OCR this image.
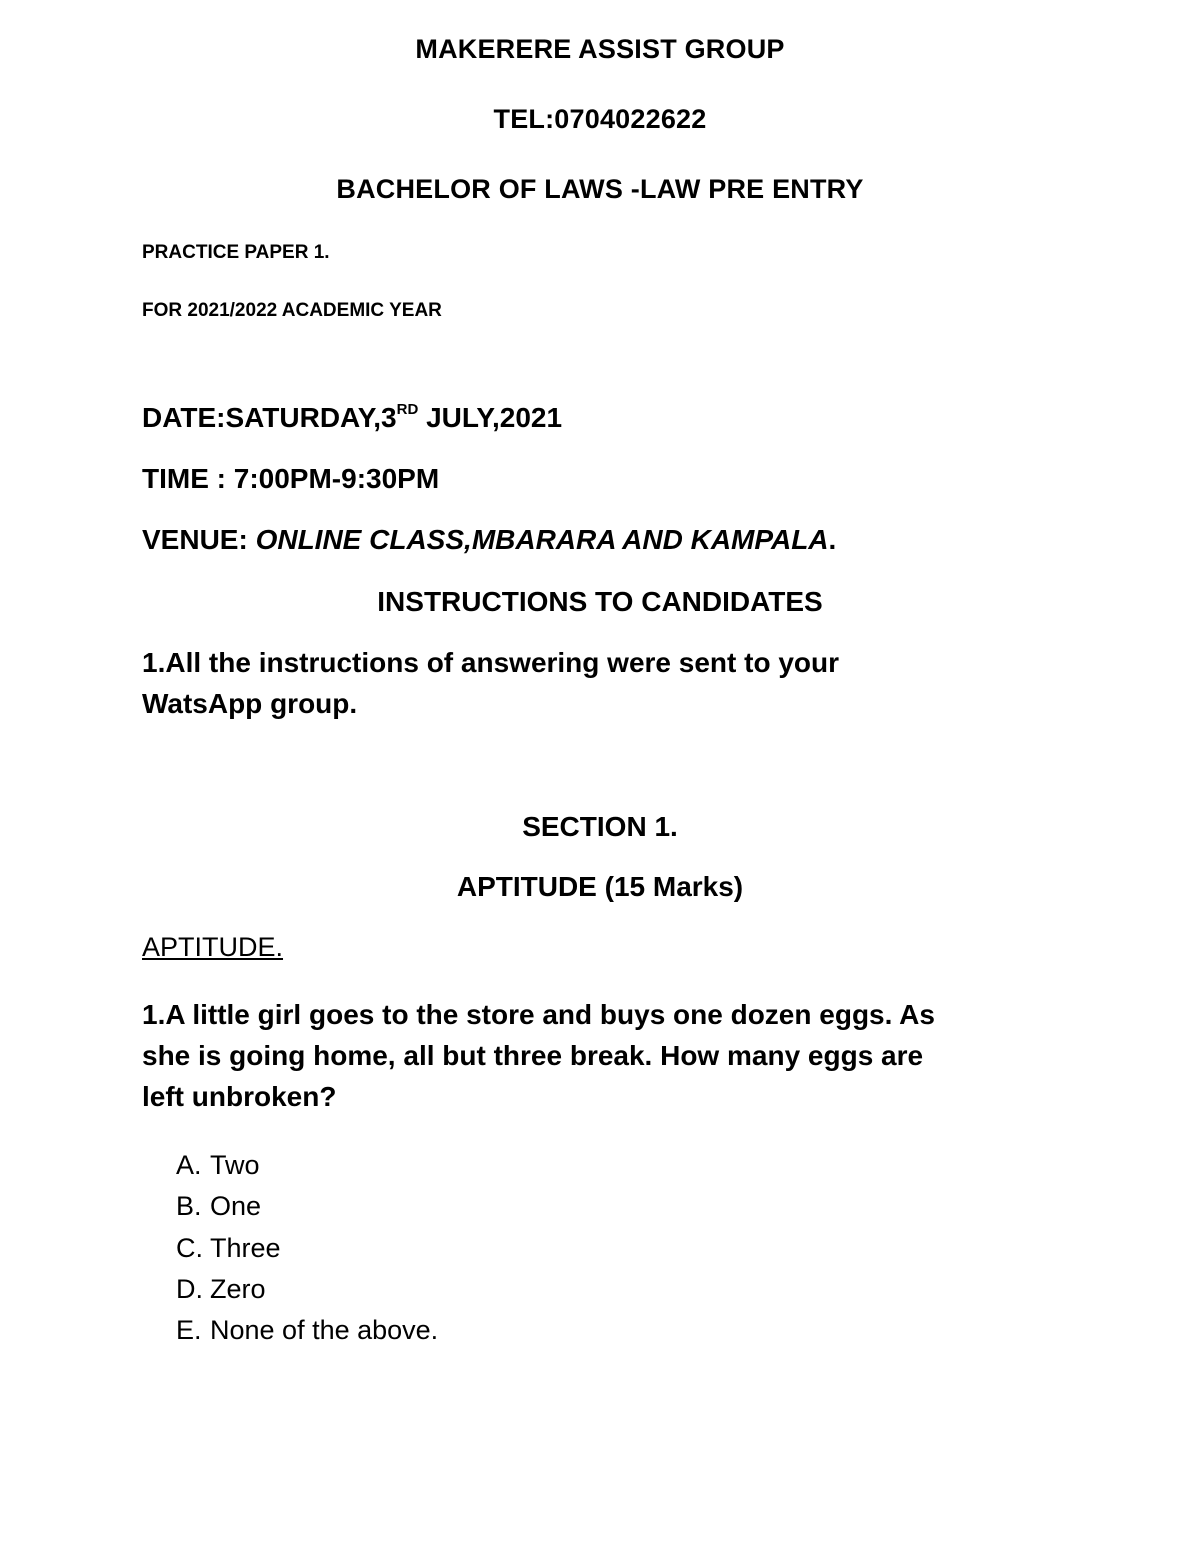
MAKERERE ASSIST GROUP
TEL:0704022622
BACHELOR OF LAWS -LAW PRE ENTRY
PRACTICE PAPER 1.
FOR 2021/2022 ACADEMIC YEAR
DATE:SATURDAY,3RD JULY,2021
TIME : 7:00PM-9:30PM
VENUE: ONLINE CLASS,MBARARA AND KAMPALA.
INSTRUCTIONS TO CANDIDATES
1.All the instructions of answering were sent to your
WatsApp group.
SECTION 1.
APTITUDE (15 Marks)
APTITUDE.
1.A little girl goes to the store and buys one dozen eggs. As
she is going home, all but three break. How many eggs are
left unbroken?
A. Two
B. One
C. Three
D. Zero
E. None of the above.
